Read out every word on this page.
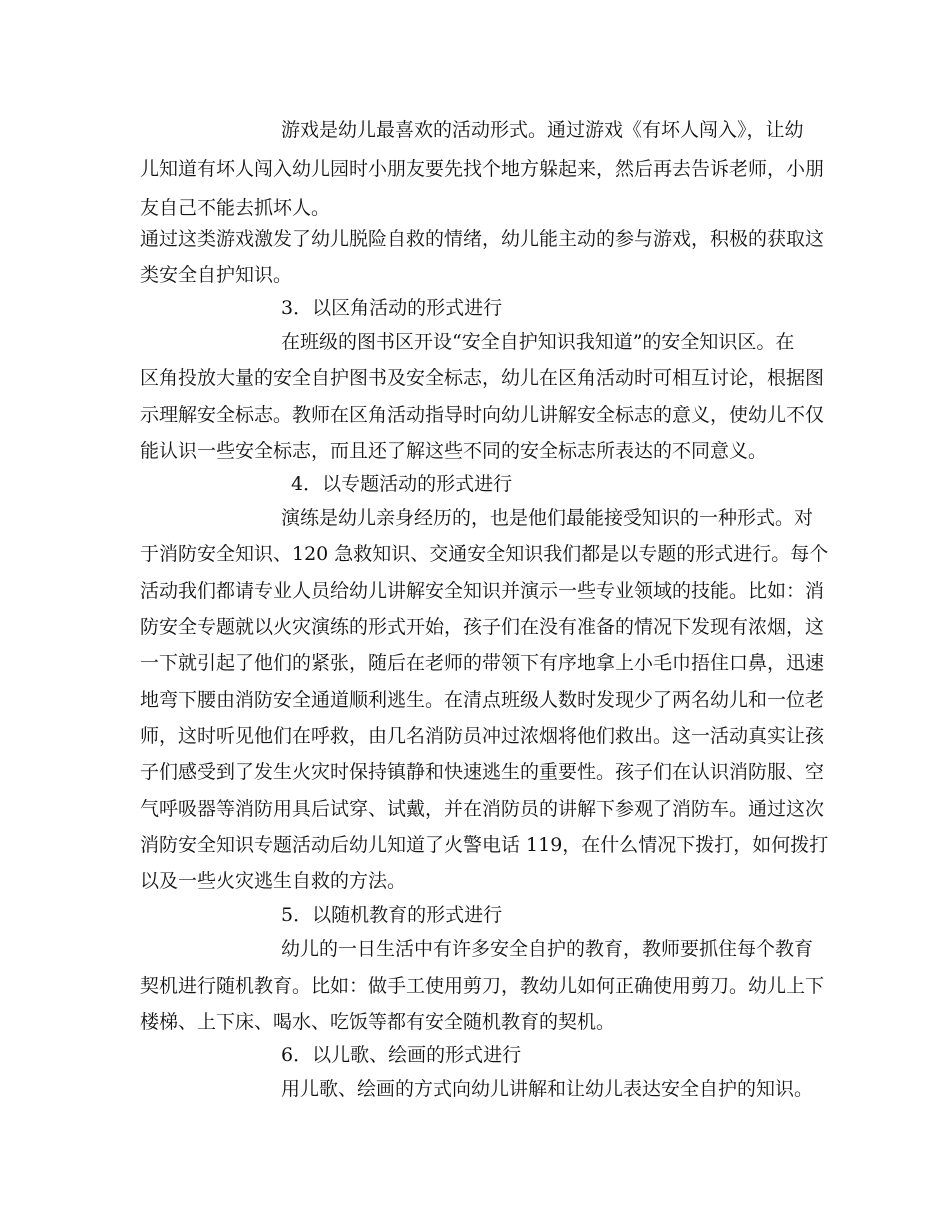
游戏是幼儿最喜欢的活动形式。通过游戏《有坏人闯入》，让幼
儿知道有坏人闯入幼儿园时小朋友要先找个地方躲起来，然后再去告诉老师，小朋
友自己不能去抓坏人。
通过这类游戏激发了幼儿脱险自救的情绪，幼儿能主动的参与游戏，积极的获取这
类安全自护知识。
3．以区角活动的形式进行
在班级的图书区开设“安全自护知识我知道”的安全知识区。在
区角投放大量的安全自护图书及安全标志，幼儿在区角活动时可相互讨论，根据图
示理解安全标志。教师在区角活动指导时向幼儿讲解安全标志的意义，使幼儿不仅
能认识一些安全标志，而且还了解这些不同的安全标志所表达的不同意义。
4．以专题活动的形式进行
演练是幼儿亲身经历的，也是他们最能接受知识的一种形式。对
于消防安全知识、120 急救知识、交通安全知识我们都是以专题的形式进行。每个
活动我们都请专业人员给幼儿讲解安全知识并演示一些专业领域的技能。比如：消
防安全专题就以火灾演练的形式开始，孩子们在没有准备的情况下发现有浓烟，这
一下就引起了他们的紧张，随后在老师的带领下有序地拿上小毛巾捂住口鼻，迅速
地弯下腰由消防安全通道顺利逃生。在清点班级人数时发现少了两名幼儿和一位老
师，这时听见他们在呼救，由几名消防员冲过浓烟将他们救出。这一活动真实让孩
子们感受到了发生火灾时保持镇静和快速逃生的重要性。孩子们在认识消防服、空
气呼吸器等消防用具后试穿、试戴，并在消防员的讲解下参观了消防车。通过这次
消防安全知识专题活动后幼儿知道了火警电话 119，在什么情况下拨打，如何拨打
以及一些火灾逃生自救的方法。
5．以随机教育的形式进行
幼儿的一日生活中有许多安全自护的教育，教师要抓住每个教育
契机进行随机教育。比如：做手工使用剪刀，教幼儿如何正确使用剪刀。幼儿上下
楼梯、上下床、喝水、吃饭等都有安全随机教育的契机。
6．以儿歌、绘画的形式进行
用儿歌、绘画的方式向幼儿讲解和让幼儿表达安全自护的知识。
